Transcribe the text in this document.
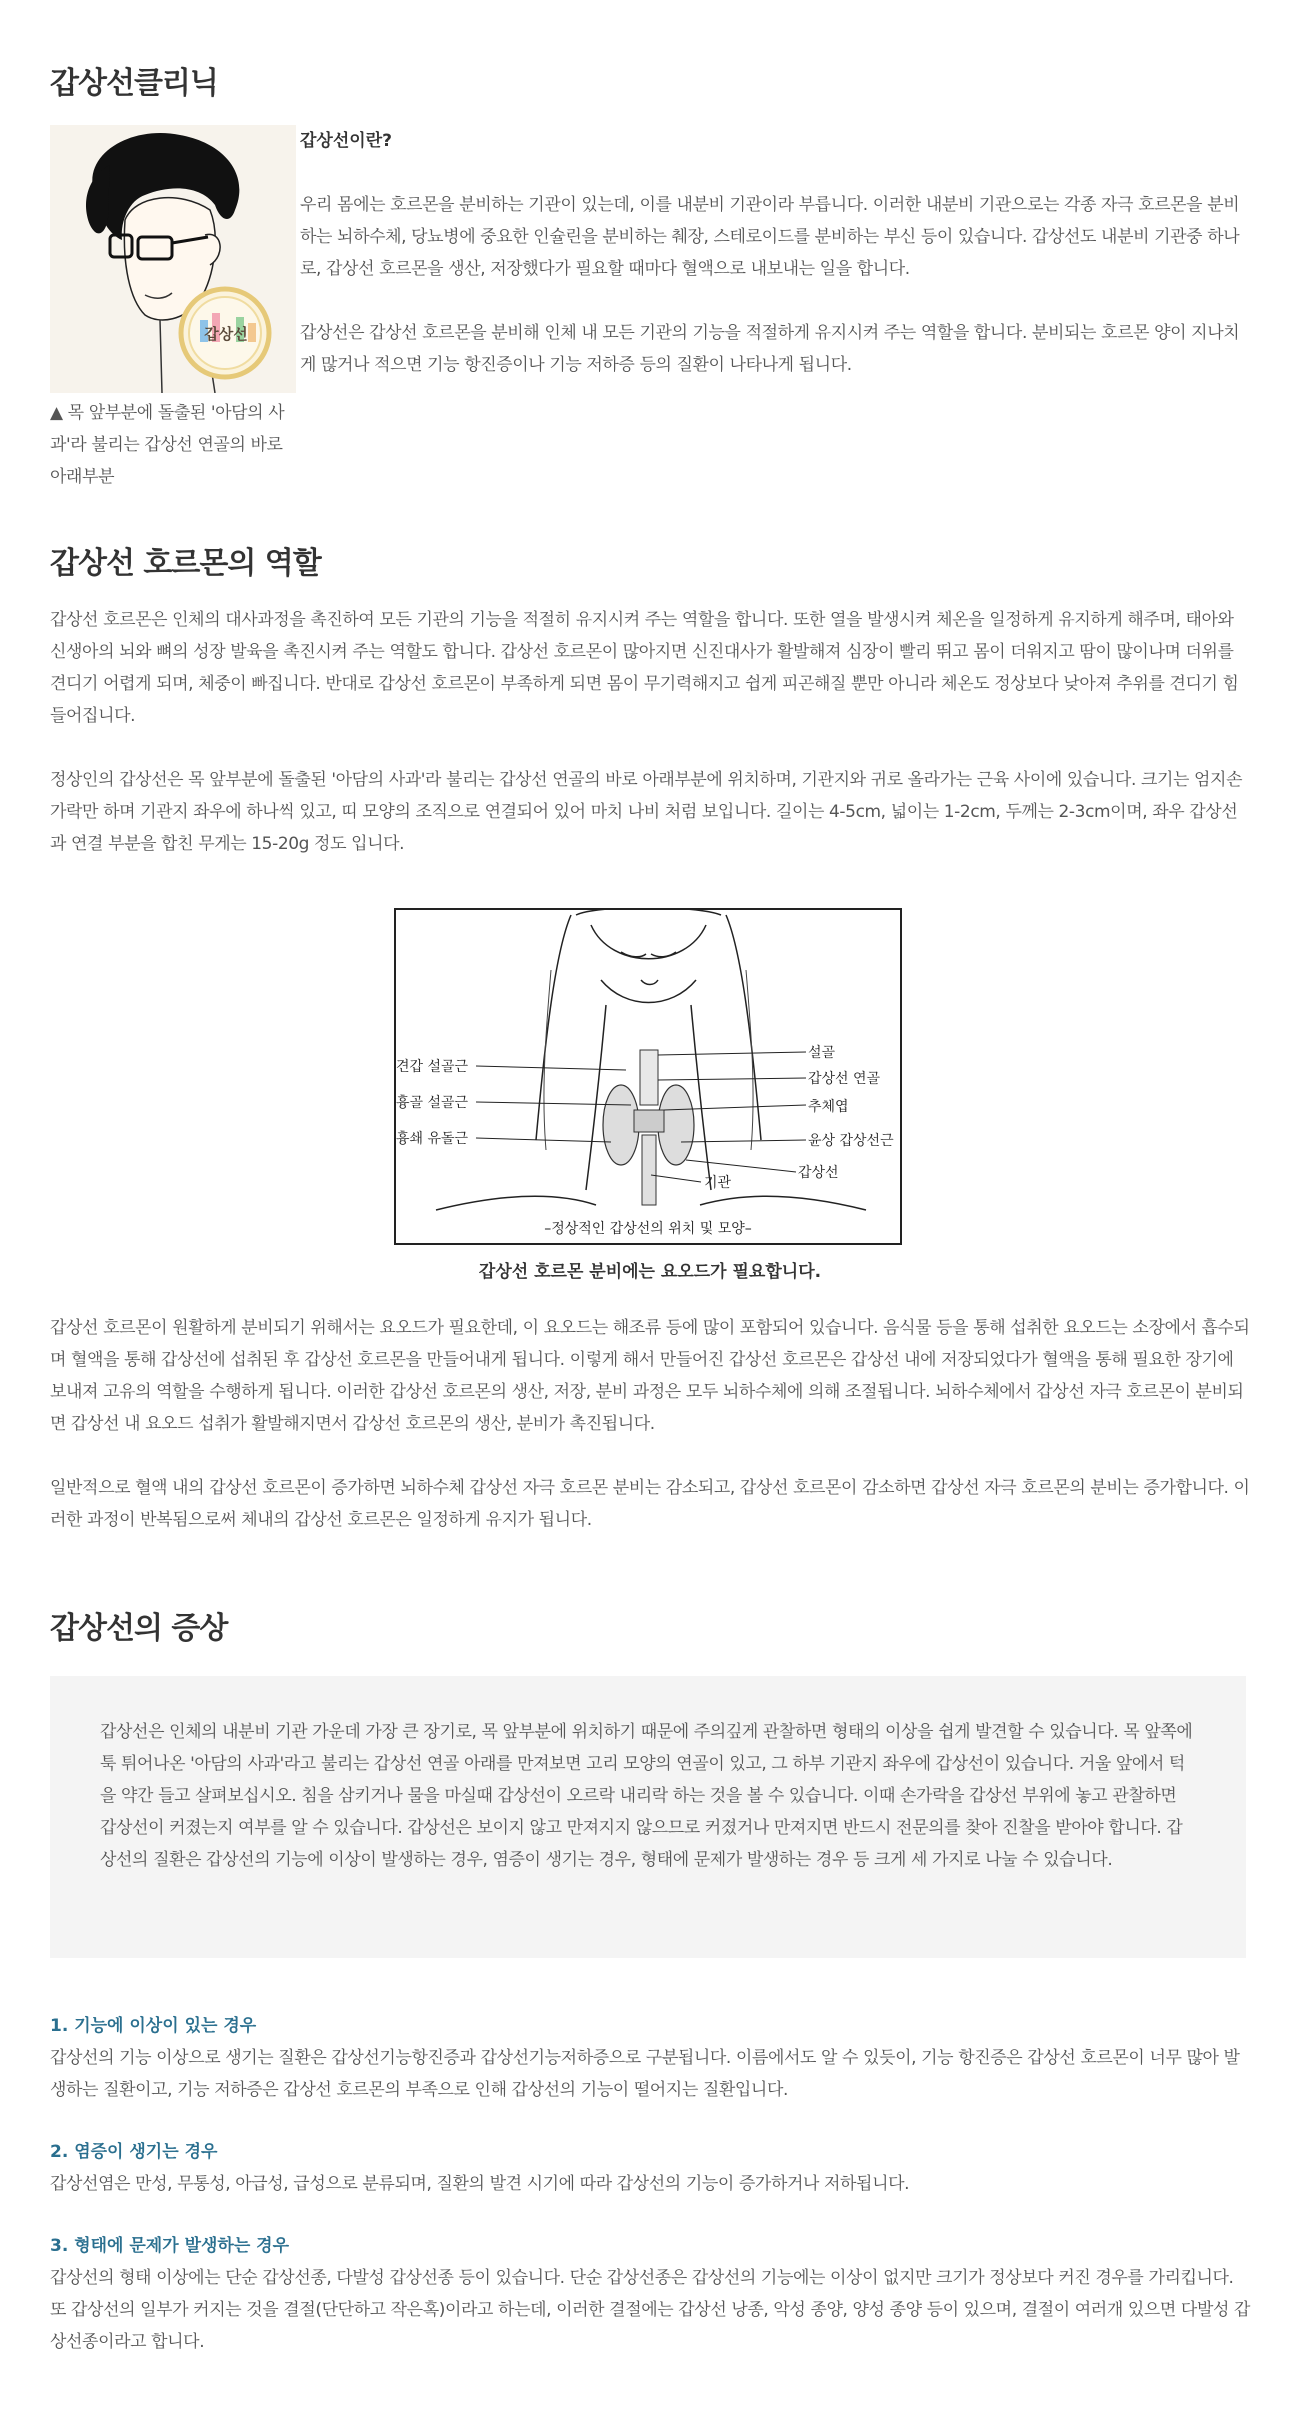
갑상선클리닉
갑상선

▲ 목 앞부분에 돌출된 '아담의 사과'라 불리는 갑상선 연골의 바로 아래부분

갑상선이란?

우리 몸에는 호르몬을 분비하는 기관이 있는데, 이를 내분비 기관이라 부릅니다. 이러한 내분비 기관으로는 각종 자극 호르몬을 분비하는 뇌하수체, 당뇨병에 중요한 인슐린을 분비하는 췌장, 스테로이드를 분비하는 부신 등이 있습니다. 갑상선도 내분비 기관중 하나로, 갑상선 호르몬을 생산, 저장했다가 필요할 때마다 혈액으로 내보내는 일을 합니다.

갑상선은 갑상선 호르몬을 분비해 인체 내 모든 기관의 기능을 적절하게 유지시켜 주는 역할을 합니다. 분비되는 호르몬 양이 지나치게 많거나 적으면 기능 항진증이나 기능 저하증 등의 질환이 나타나게 됩니다.

갑상선 호르몬의 역할

갑상선 호르몬은 인체의 대사과정을 촉진하여 모든 기관의 기능을 적절히 유지시켜 주는 역할을 합니다. 또한 열을 발생시켜 체온을 일정하게 유지하게 해주며, 태아와 신생아의 뇌와 뼈의 성장 발육을 촉진시켜 주는 역할도 합니다. 갑상선 호르몬이 많아지면 신진대사가 활발해져 심장이 빨리 뛰고 몸이 더워지고 땀이 많이나며 더위를 견디기 어렵게 되며, 체중이 빠집니다. 반대로 갑상선 호르몬이 부족하게 되면 몸이 무기력해지고 쉽게 피곤해질 뿐만 아니라 체온도 정상보다 낮아져 추위를 견디기 힘들어집니다.

정상인의 갑상선은 목 앞부분에 돌출된 '아담의 사과'라 불리는 갑상선 연골의 바로 아래부분에 위치하며, 기관지와 귀로 올라가는 근육 사이에 있습니다. 크기는 엄지손가락만 하며 기관지 좌우에 하나씩 있고, 띠 모양의 조직으로 연결되어 있어 마치 나비 처럼 보입니다. 길이는 4-5cm, 넓이는 1-2cm, 두께는 2-3cm이며, 좌우 갑상선과 연결 부분을 합친 무게는 15-20g 정도 입니다.

견갑 설골근
흉골 설골근
흉쇄 유돌근
설골
갑상선 연골
추체엽
윤상 갑상선근
갑상선
기관
–정상적인 갑상선의 위치 및 모양–
갑상선 호르몬 분비에는 요오드가 필요합니다.

갑상선 호르몬이 원활하게 분비되기 위해서는 요오드가 필요한데, 이 요오드는 해조류 등에 많이 포함되어 있습니다. 음식물 등을 통해 섭취한 요오드는 소장에서 흡수되며 혈액을 통해 갑상선에 섭취된 후 갑상선 호르몬을 만들어내게 됩니다. 이렇게 해서 만들어진 갑상선 호르몬은 갑상선 내에 저장되었다가 혈액을 통해 필요한 장기에 보내져 고유의 역할을 수행하게 됩니다. 이러한 갑상선 호르몬의 생산, 저장, 분비 과정은 모두 뇌하수체에 의해 조절됩니다. 뇌하수체에서 갑상선 자극 호르몬이 분비되면 갑상선 내 요오드 섭취가 활발해지면서 갑상선 호르몬의 생산, 분비가 촉진됩니다.

일반적으로 혈액 내의 갑상선 호르몬이 증가하면 뇌하수체 갑상선 자극 호르몬 분비는 감소되고, 갑상선 호르몬이 감소하면 갑상선 자극 호르몬의 분비는 증가합니다. 이러한 과정이 반복됨으로써 체내의 갑상선 호르몬은 일정하게 유지가 됩니다.

갑상선의 증상

갑상선은 인체의 내분비 기관 가운데 가장 큰 장기로, 목 앞부분에 위치하기 때문에 주의깊게 관찰하면 형태의 이상을 쉽게 발견할 수 있습니다. 목 앞쪽에 툭 튀어나온 '아담의 사과'라고 불리는 갑상선 연골 아래를 만져보면 고리 모양의 연골이 있고, 그 하부 기관지 좌우에 갑상선이 있습니다. 거울 앞에서 턱을 약간 들고 살펴보십시오. 침을 삼키거나 물을 마실때 갑상선이 오르락 내리락 하는 것을 볼 수 있습니다. 이때 손가락을 갑상선 부위에 놓고 관찰하면 갑상선이 커졌는지 여부를 알 수 있습니다. 갑상선은 보이지 않고 만져지지 않으므로 커졌거나 만져지면 반드시 전문의를 찾아 진찰을 받아야 합니다. 갑상선의 질환은 갑상선의 기능에 이상이 발생하는 경우, 염증이 생기는 경우, 형태에 문제가 발생하는 경우 등 크게 세 가지로 나눌 수 있습니다.

1. 기능에 이상이 있는 경우

갑상선의 기능 이상으로 생기는 질환은 갑상선기능항진증과 갑상선기능저하증으로 구분됩니다. 이름에서도 알 수 있듯이, 기능 항진증은 갑상선 호르몬이 너무 많아 발생하는 질환이고, 기능 저하증은 갑상선 호르몬의 부족으로 인해 갑상선의 기능이 떨어지는 질환입니다.

2. 염증이 생기는 경우

갑상선염은 만성, 무통성, 아급성, 급성으로 분류되며, 질환의 발견 시기에 따라 갑상선의 기능이 증가하거나 저하됩니다.

3. 형태에 문제가 발생하는 경우

갑상선의 형태 이상에는 단순 갑상선종, 다발성 갑상선종 등이 있습니다. 단순 갑상선종은 갑상선의 기능에는 이상이 없지만 크기가 정상보다 커진 경우를 가리킵니다. 또 갑상선의 일부가 커지는 것을 결절(단단하고 작은혹)이라고 하는데, 이러한 결절에는 갑상선 낭종, 악성 종양, 양성 종양 등이 있으며, 결절이 여러개 있으면 다발성 갑상선종이라고 합니다.
